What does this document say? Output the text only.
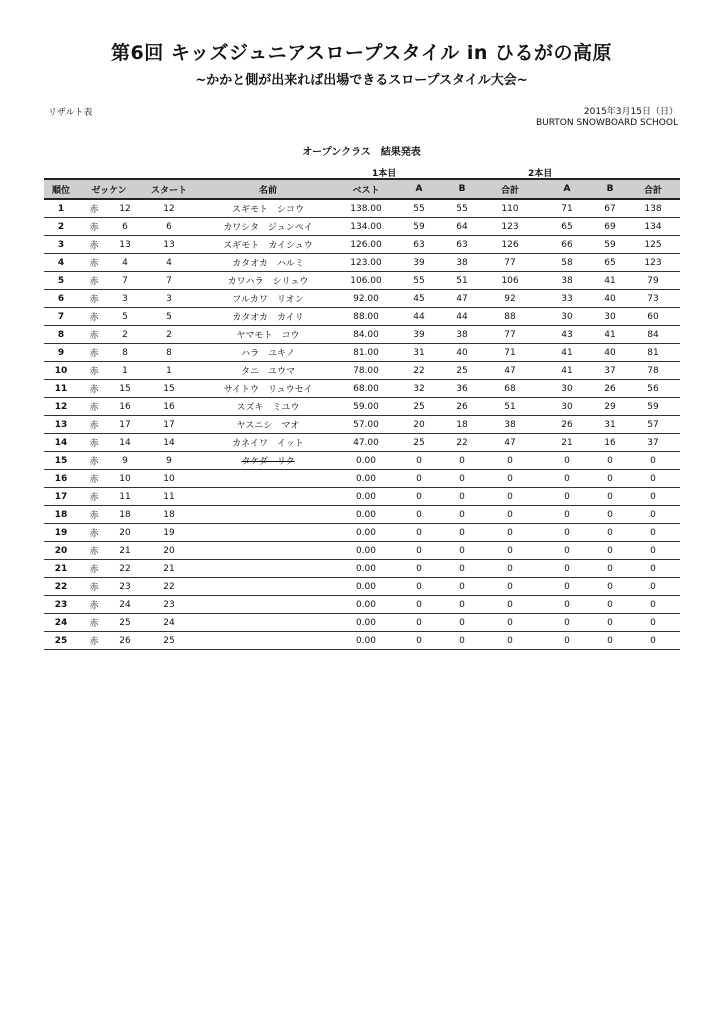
第6回 キッズジュニアスロープスタイル in ひるがの高原
~かかと側が出来れば出場できるスロープスタイル大会~
リザルト表	2015年3月15日（日）
BURTON SNOWBOARD SCHOOL
オープンクラス　結果発表
1本目	2本目
順位	ゼッケン		スタート	名前	ベスト	A	B	合計	A	B	合計
1	赤	12	12	スギモト　シコウ	138.00	55	55	110	71	67	138
2	赤	6	6	カワシタ　ジュンペイ	134.00	59	64	123	65	69	134
3	赤	13	13	スギモト　カイシュウ	126.00	63	63	126	66	59	125
4	赤	4	4	カタオカ　ハルミ	123.00	39	38	77	58	65	123
5	赤	7	7	カワハラ　シリュウ	106.00	55	51	106	38	41	79
6	赤	3	3	フルカワ　リオン	92.00	45	47	92	33	40	73
7	赤	5	5	カタオカ　カイリ	88.00	44	44	88	30	30	60
8	赤	2	2	ヤマモト　コウ	84.00	39	38	77	43	41	84
9	赤	8	8	ハラ　ユキノ	81.00	31	40	71	41	40	81
10	赤	1	1	タニ　ユウマ	78.00	22	25	47	41	37	78
11	赤	15	15	サイトウ　リュウセイ	68.00	32	36	68	30	26	56
12	赤	16	16	スズキ　ミユウ	59.00	25	26	51	30	29	59
13	赤	17	17	ヤスニシ　マオ	57.00	20	18	38	26	31	57
14	赤	14	14	カネイワ　イット	47.00	25	22	47	21	16	37
15	赤	9	9	タケダ　リク	0.00	0	0	0	0	0	0
16	赤	10	10		0.00	0	0	0	0	0	0
17	赤	11	11		0.00	0	0	0	0	0	0
18	赤	18	18		0.00	0	0	0	0	0	0
19	赤	20	19		0.00	0	0	0	0	0	0
20	赤	21	20		0.00	0	0	0	0	0	0
21	赤	22	21		0.00	0	0	0	0	0	0
22	赤	23	22		0.00	0	0	0	0	0	0
23	赤	24	23		0.00	0	0	0	0	0	0
24	赤	25	24		0.00	0	0	0	0	0	0
25	赤	26	25		0.00	0	0	0	0	0	0
